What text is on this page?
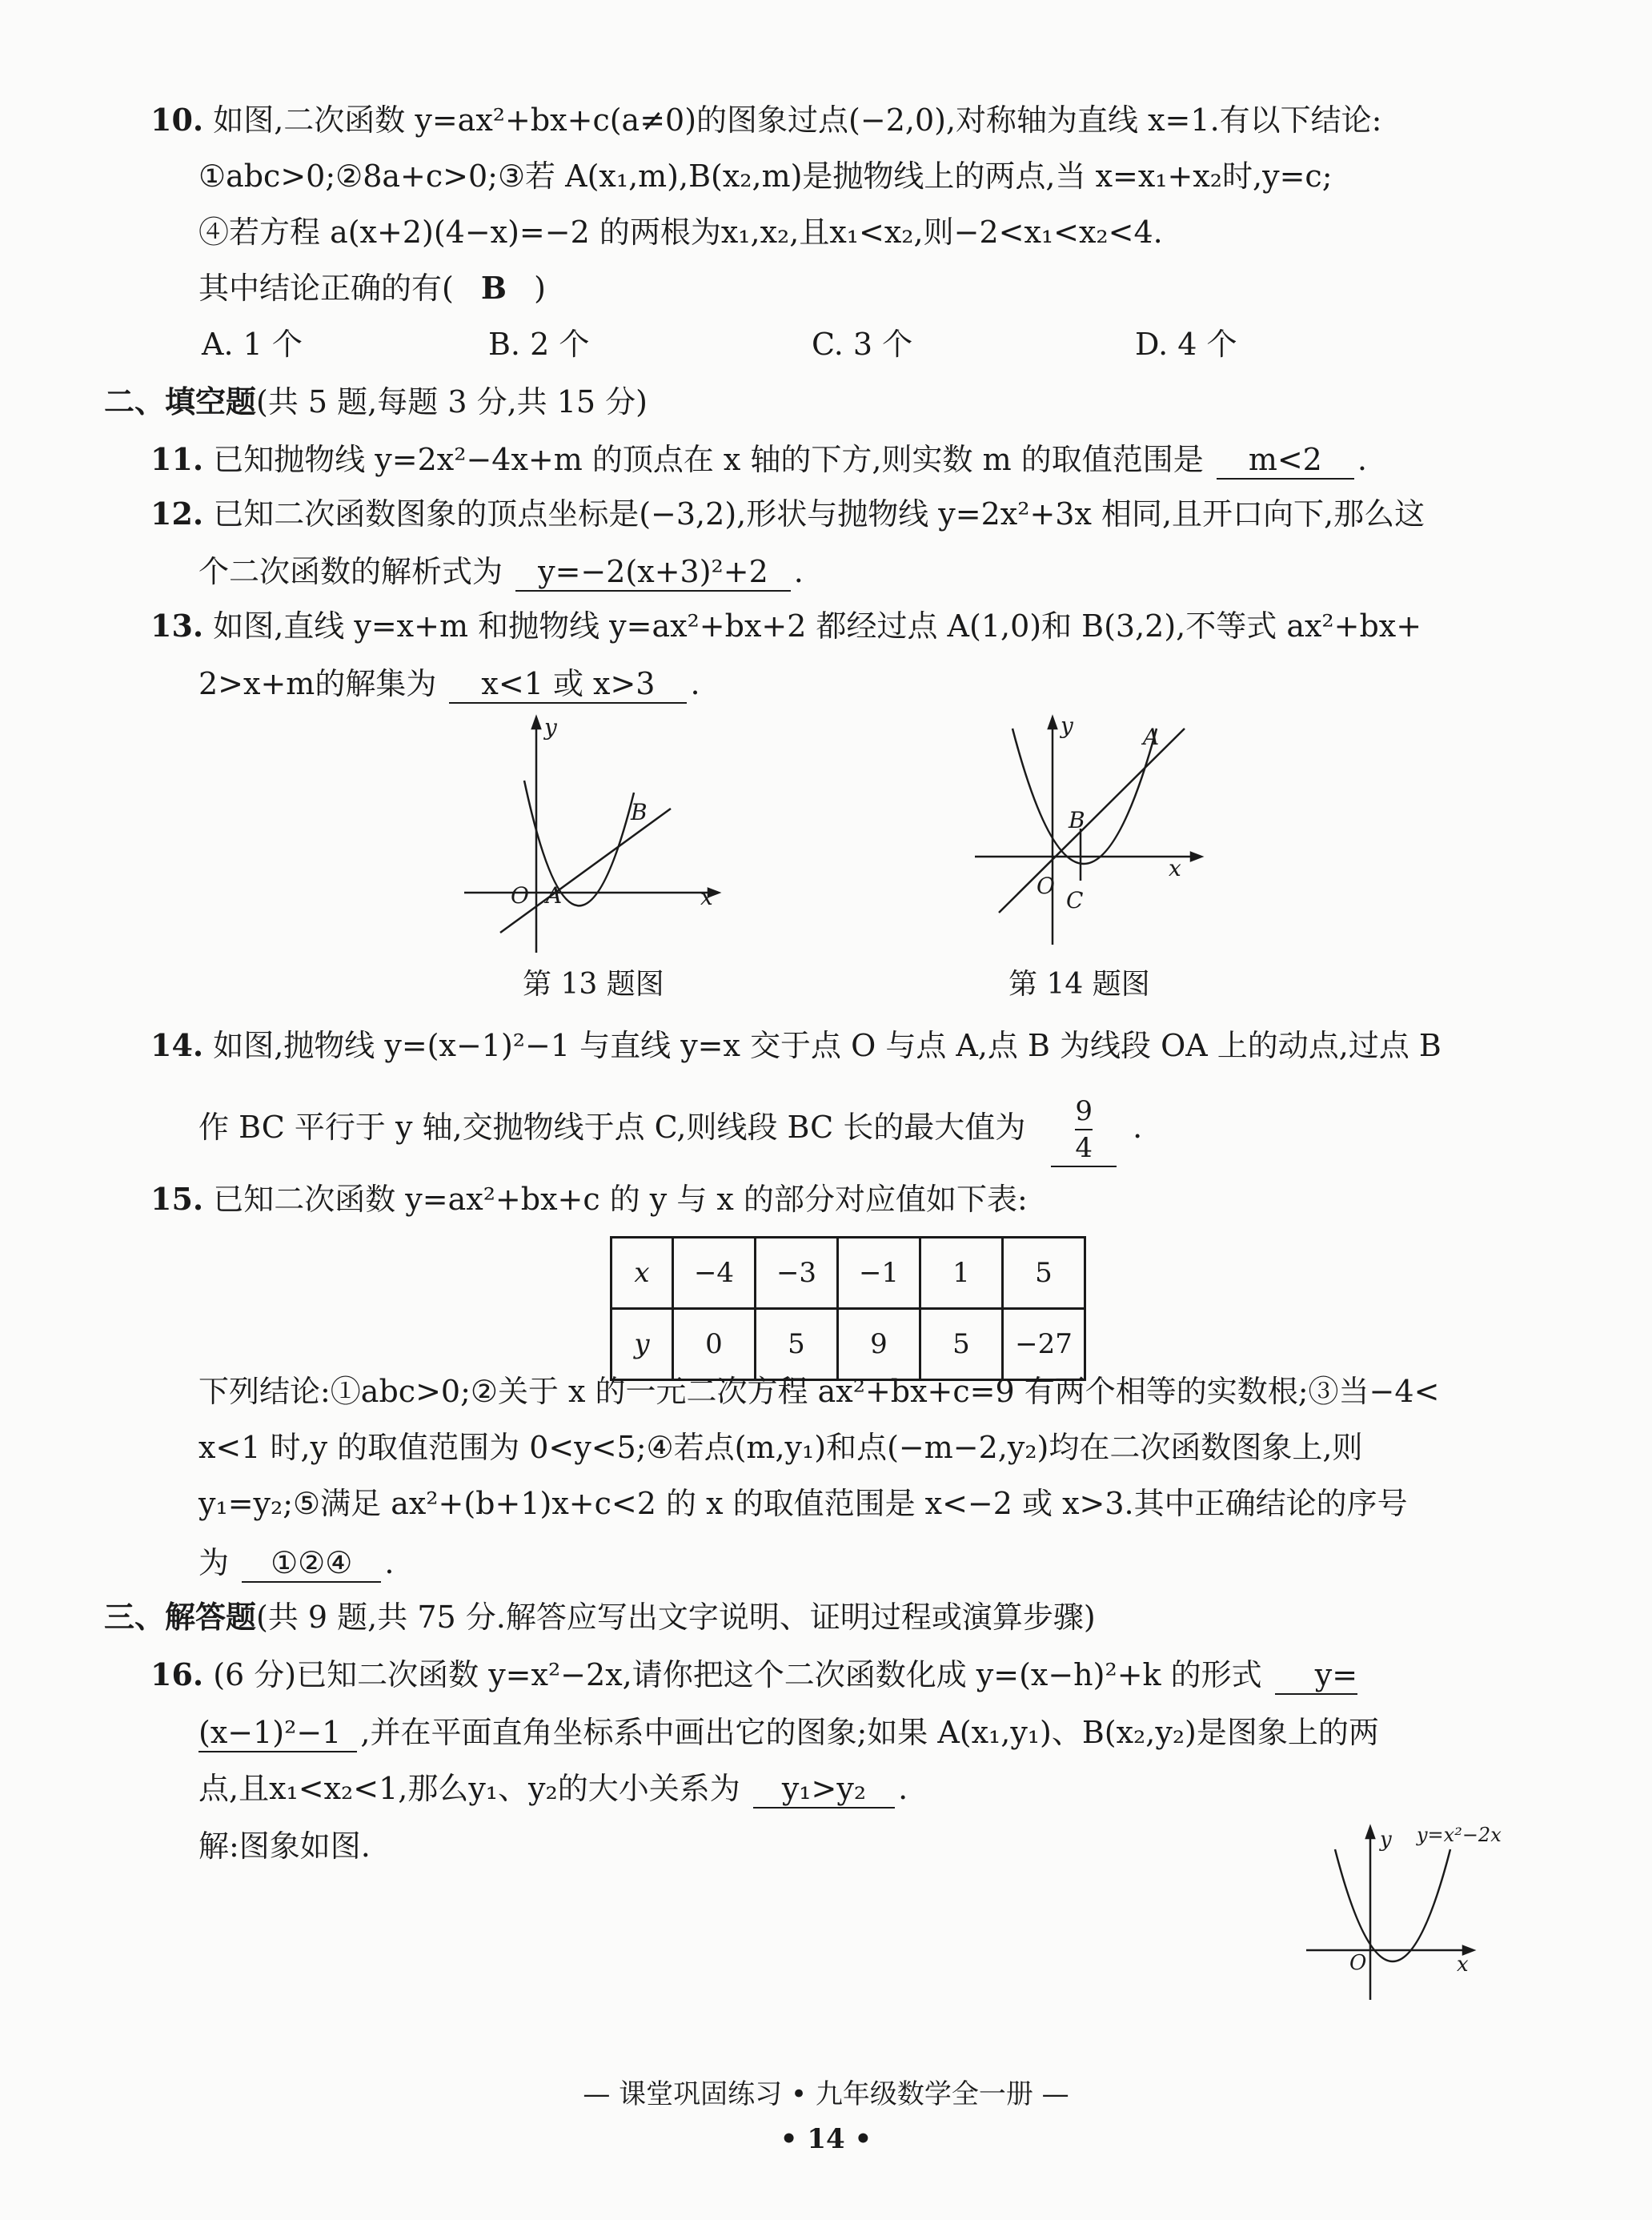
10. 如图,二次函数 y=ax²+bx+c(a≠0)的图象过点(−2,0),对称轴为直线 x=1.有以下结论:
①abc>0;②8a+c>0;③若 A(x₁,m),B(x₂,m)是抛物线上的两点,当 x=x₁+x₂时,y=c;
④若方程 a(x+2)(4−x)=−2 的两根为x₁,x₂,且x₁<x₂,则−2<x₁<x₂<4.
其中结论正确的有( B )
A. 1 个	B. 2 个	C. 3 个	D. 4 个
二、填空题(共 5 题,每题 3 分,共 15 分)
11. 已知抛物线 y=2x²−4x+m 的顶点在 x 轴的下方,则实数 m 的取值范围是 m<2 .
12. 已知二次函数图象的顶点坐标是(−3,2),形状与抛物线 y=2x²+3x 相同,且开口向下,那么这
个二次函数的解析式为 y=−2(x+3)²+2 .
13. 如图,直线 y=x+m 和抛物线 y=ax²+bx+2 都经过点 A(1,0)和 B(3,2),不等式 ax²+bx+
2>x+m的解集为 x<1 或 x>3 .
y
x
O A
B
第 13 题图
y
x
O
A
B
C
第 14 题图
14. 如图,抛物线 y=(x−1)²−1 与直线 y=x 交于点 O 与点 A,点 B 为线段 OA 上的动点,过点 B
作 BC 平行于 y 轴,交抛物线于点 C,则线段 BC 长的最大值为 $\frac{9}{4}$ .
15. 已知二次函数 y=ax²+bx+c 的 y 与 x 的部分对应值如下表:
x	−4	−3	−1	1	5
y	0	5	9	5	−27
下列结论:①abc>0;②关于 x 的一元二次方程 ax²+bx+c=9 有两个相等的实数根;③当−4<
x<1 时,y 的取值范围为 0<y<5;④若点(m,y₁)和点(−m−2,y₂)均在二次函数图象上,则
y₁=y₂;⑤满足 ax²+(b+1)x+c<2 的 x 的取值范围是 x<−2 或 x>3.其中正确结论的序号
为 ①②④ .
三、解答题(共 9 题,共 75 分.解答应写出文字说明、证明过程或演算步骤)
16. (6 分)已知二次函数 y=x²−2x,请你把这个二次函数化成 y=(x−h)²+k 的形式 y=
(x−1)²−1 ,并在平面直角坐标系中画出它的图象;如果 A(x₁,y₁)、B(x₂,y₂)是图象上的两
点,且x₁<x₂<1,那么y₁、y₂的大小关系为 y₁>y₂ .
解:图象如图.	y y=x²−2x
x
O
— 课堂巩固练习 • 九年级数学全一册 —
• 14 •
